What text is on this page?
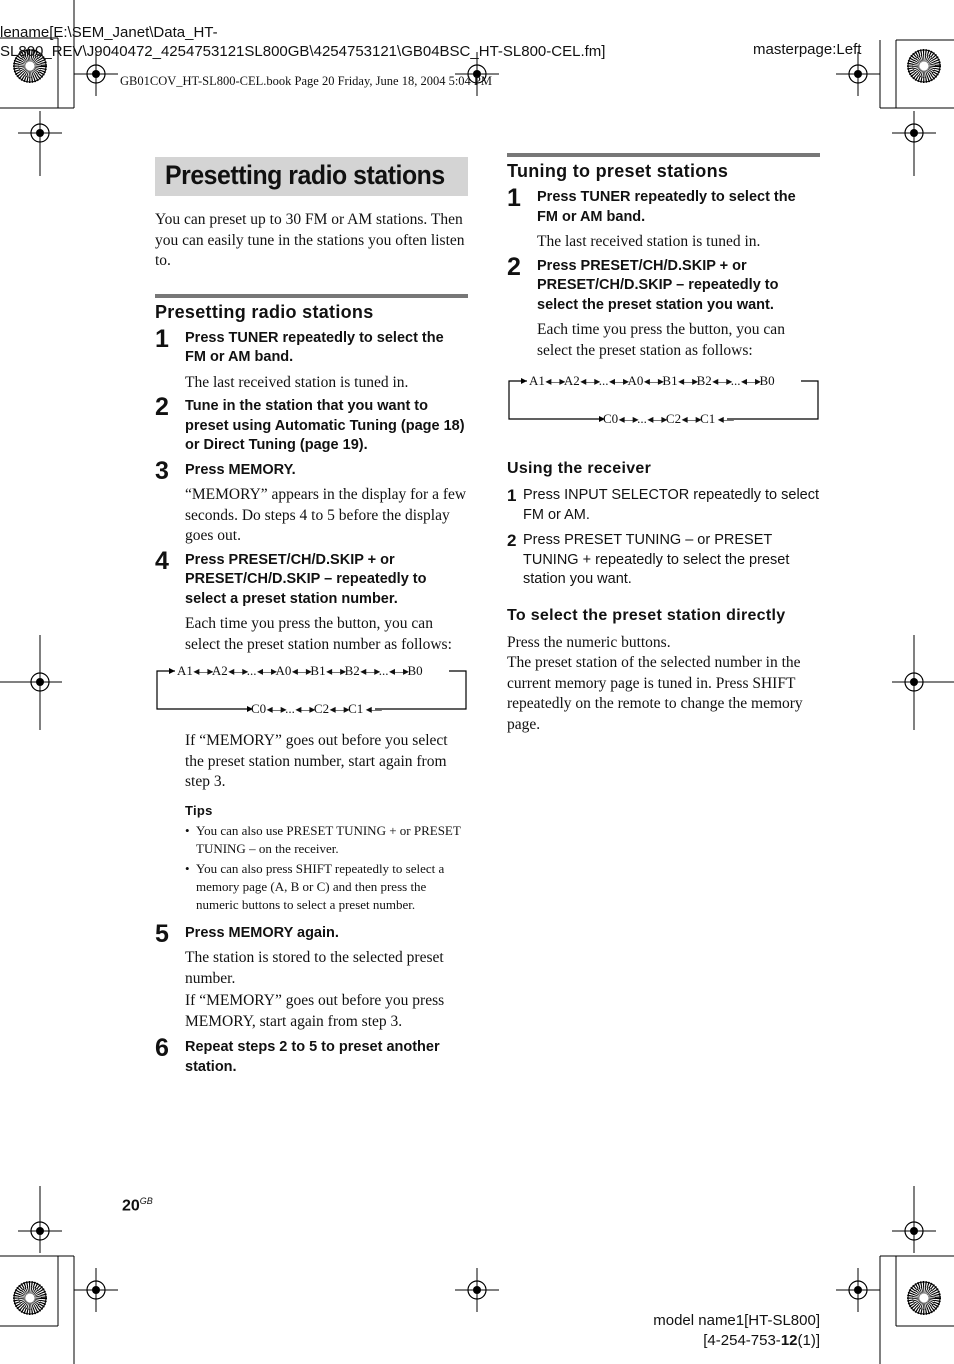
lename[E:\SEM_Janet\Data_HT-
SL800_REV\J9040472_4254753121SL800GB\4254753121\GB04BSC_HT-SL800-CEL.fm]	masterpage:Left
GB01COV_HT-SL800-CEL.book Page 20 Friday, June 18, 2004 5:04 PM
Presetting radio stations

You can preset up to 30 FM or AM stations. Then you can easily tune in the stations you often listen to.

Presetting radio stations
1 Press TUNER repeatedly to select the FM or AM band.

The last received station is tuned in.

2 Tune in the station that you want to preset using Automatic Tuning (page 18) or Direct Tuning (page 19).

3 Press MEMORY.

“MEMORY” appears in the display for a few seconds. Do steps 4 to 5 before the display goes out.

4 Press PRESET/CH/D.SKIP + or PRESET/CH/D.SKIP – repeatedly to select a preset station number.

Each time you press the button, you can select the preset station number as follows:

A1 ◂—▸ A2 ◂—▸ ... ◂—▸ A0 ◂—▸ B1 ◂—▸ B2 ◂—▸ ... ◂—▸ B0
C0 ◂—▸ ... ◂—▸ C2 ◂—▸ C1 ◂—

If “MEMORY” goes out before you select the preset station number, start again from step 3.

Tips

• You can also use PRESET TUNING + or PRESET TUNING – on the receiver.

• You can also press SHIFT repeatedly to select a memory page (A, B or C) and then press the numeric buttons to select a preset number.

5 Press MEMORY again.

The station is stored to the selected preset number.

If “MEMORY” goes out before you press MEMORY, start again from step 3.

6 Repeat steps 2 to 5 to preset another station.

Tuning to preset stations
1 Press TUNER repeatedly to select the FM or AM band.

The last received station is tuned in.

2 Press PRESET/CH/D.SKIP + or PRESET/CH/D.SKIP – repeatedly to select the preset station you want.

Each time you press the button, you can select the preset station as follows:

A1 ◂—▸ A2 ◂—▸ ... ◂—▸ A0 ◂—▸ B1 ◂—▸ B2 ◂—▸ ... ◂—▸ B0
C0 ◂—▸ ... ◂—▸ C2 ◂—▸ C1 ◂—
Using the receiver
1 Press INPUT SELECTOR repeatedly to select FM or AM.
2 Press PRESET TUNING – or PRESET TUNING + repeatedly to select the preset station you want.
To select the preset station directly

Press the numeric buttons.

The preset station of the selected number in the current memory page is tuned in. Press SHIFT repeatedly on the remote to change the memory page.

$20^{GB}$
model name1[HT-SL800]
[4-254-753-12(1)]
